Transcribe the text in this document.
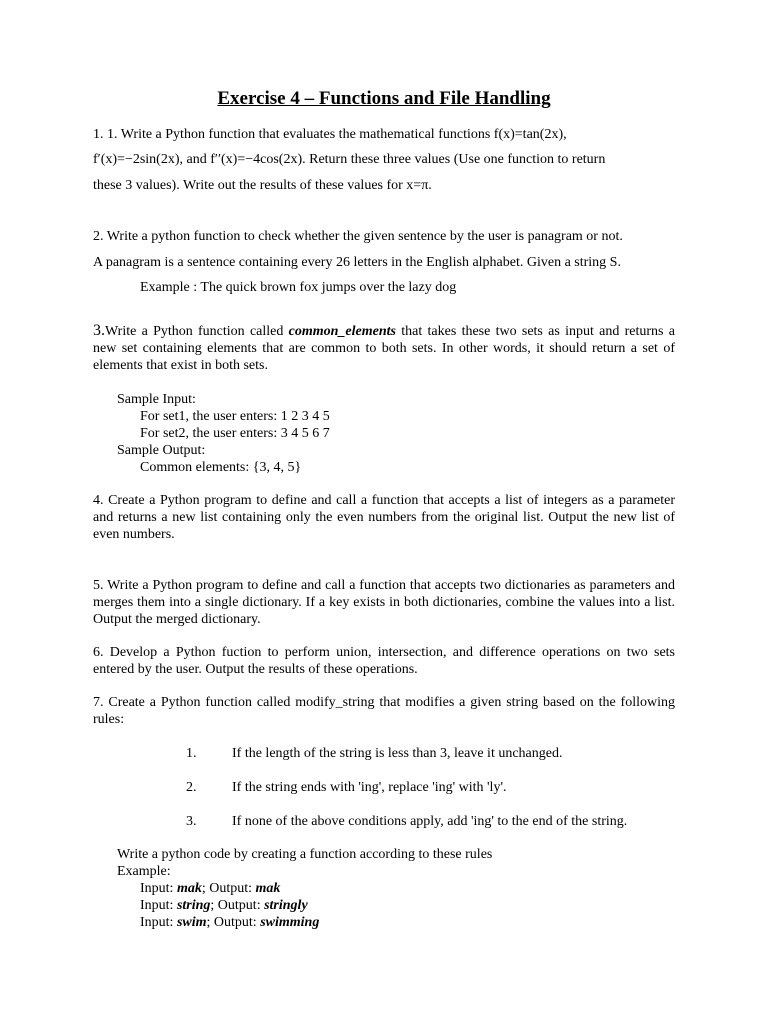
Exercise 4 – Functions and File Handling

1. 1. Write a Python function that evaluates the mathematical functions f(x)=tan(2x),

f′(x)=−2sin(2x), and f′′(x)=−4cos(2x). Return these three values (Use one function to return

these 3 values). Write out the results of these values for x=π.

2. Write a python function to check whether the given sentence by the user is panagram or not.

A panagram is a sentence containing every 26 letters in the English alphabet. Given a string S.

Example : The quick brown fox jumps over the lazy dog

3.Write a Python function called common_elements that takes these two sets as input and returns a new set containing elements that are common to both sets. In other words, it should return a set of elements that exist in both sets.

Sample Input:
For set1, the user enters: 1 2 3 4 5
For set2, the user enters: 3 4 5 6 7
Sample Output:
Common elements: {3, 4, 5}

4. Create a Python program to define and call a function that accepts a list of integers as a parameter and returns a new list containing only the even numbers from the original list. Output the new list of even numbers.

5. Write a Python program to define and call a function that accepts two dictionaries as parameters and merges them into a single dictionary. If a key exists in both dictionaries, combine the values into a list. Output the merged dictionary.

6. Develop a Python fuction to perform union, intersection, and difference operations on two sets entered by the user. Output the results of these operations.

7. Create a Python function called modify_string that modifies a given string based on the following rules:

1.	If the length of the string is less than 3, leave it unchanged.
2.	If the string ends with 'ing', replace 'ing' with 'ly'.
3.	If none of the above conditions apply, add 'ing' to the end of the string.
Write a python code by creating a function according to these rules
Example:
Input: mak; Output: mak
Input: string; Output: stringly
Input: swim; Output: swimming
